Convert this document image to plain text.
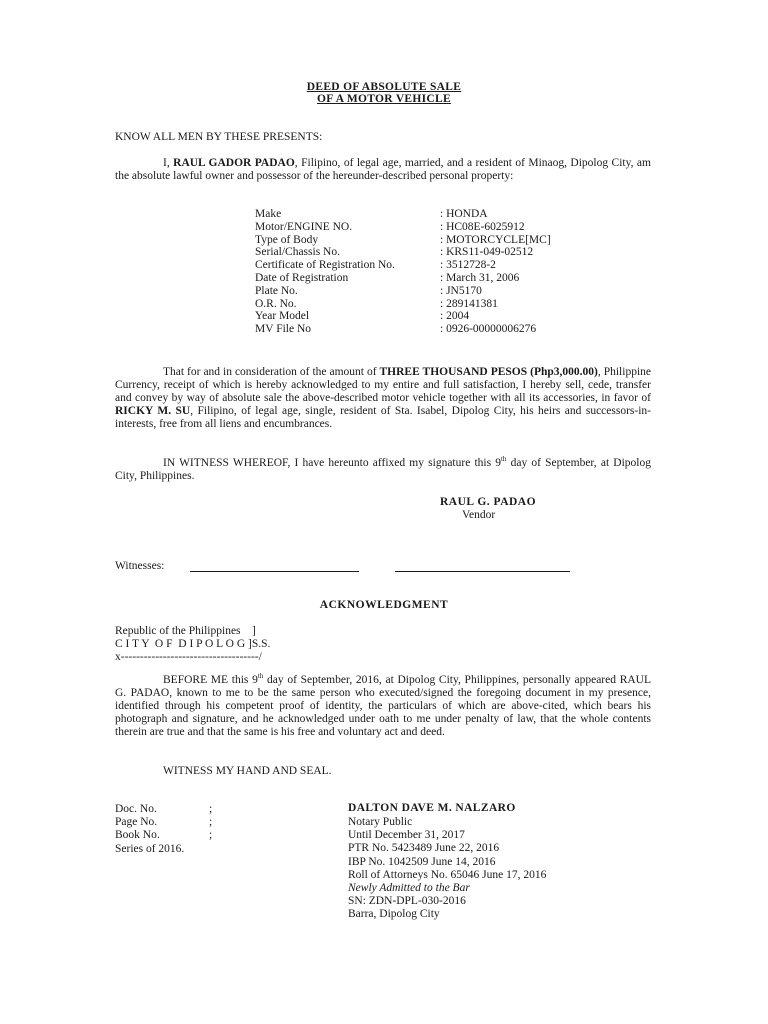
DEED OF ABSOLUTE SALE
OF A MOTOR VEHICLE
KNOW ALL MEN BY THESE PRESENTS:
I, RAUL GADOR PADAO, Filipino, of legal age, married, and a resident of Minaog, Dipolog City, am the absolute lawful owner and possessor of the hereunder-described personal property:
Make	: HONDA
Motor/ENGINE NO.	: HC08E-6025912
Type of Body	: MOTORCYCLE[MC]
Serial/Chassis No.	: KRS11-049-02512
Certificate of Registration No.	: 3512728-2
Date of Registration	: March 31, 2006
Plate No.	: JN5170
O.R. No.	: 289141381
Year Model	: 2004
MV File No	: 0926-00000006276
That for and in consideration of the amount of THREE THOUSAND PESOS (Php3,000.00), Philippine Currency, receipt of which is hereby acknowledged to my entire and full satisfaction, I hereby sell, cede, transfer and convey by way of absolute sale the above-described motor vehicle together with all its accessories, in favor of RICKY M. SU, Filipino, of legal age, single, resident of Sta. Isabel, Dipolog City, his heirs and successors-in-interests, free from all liens and encumbrances.
IN WITNESS WHEREOF, I have hereunto affixed my signature this 9th day of September, at Dipolog City, Philippines.
RAUL G. PADAO
Vendor
Witnesses:
ACKNOWLEDGMENT
Republic of the Philippines    ]
C I T Y  O F  D I P O L O G ]S.S.
x------------------------------------/
BEFORE ME this 9th day of September, 2016, at Dipolog City, Philippines, personally appeared RAUL G. PADAO, known to me to be the same person who executed/signed the foregoing document in my presence, identified through his competent proof of identity, the particulars of which are above-cited, which bears his photograph and signature, and he acknowledged under oath to me under penalty of law, that the whole contents therein are true and that the same is his free and voluntary act and deed.
WITNESS MY HAND AND SEAL.
Doc. No.	;
Page No.	;
Book No.	;
Series of 2016.
DALTON DAVE M. NALZARO
Notary Public
Until December 31, 2017
PTR No. 5423489 June 22, 2016
IBP No. 1042509 June 14, 2016
Roll of Attorneys No. 65046 June 17, 2016
Newly Admitted to the Bar
SN: ZDN-DPL-030-2016
Barra, Dipolog City
